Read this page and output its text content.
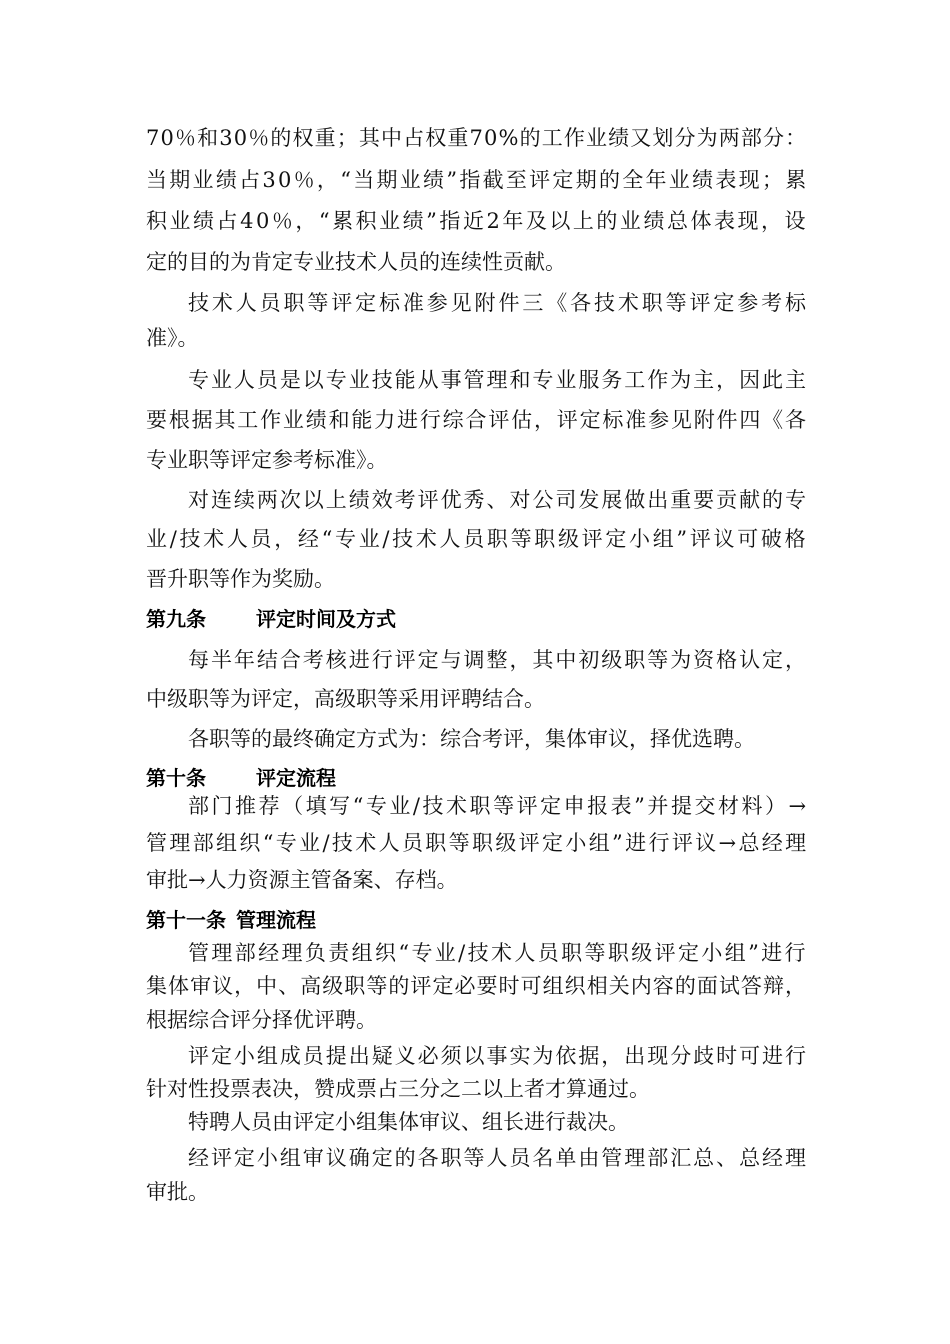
70％和30％的权重；其中占权重70%的工作业绩又划分为两部分：
当期业绩占30％，“当期业绩”指截至评定期的全年业绩表现；累
积业绩占40％，“累积业绩”指近2年及以上的业绩总体表现，设
定的目的为肯定专业技术人员的连续性贡献。
技术人员职等评定标准参见附件三《各技术职等评定参考标
准》。
专业人员是以专业技能从事管理和专业服务工作为主，因此主
要根据其工作业绩和能力进行综合评估，评定标准参见附件四《各
专业职等评定参考标准》。
对连续两次以上绩效考评优秀、对公司发展做出重要贡献的专
业/技术人员，经“专业/技术人员职等职级评定小组”评议可破格
晋升职等作为奖励。
第九条	评定时间及方式
每半年结合考核进行评定与调整，其中初级职等为资格认定，
中级职等为评定，高级职等采用评聘结合。
各职等的最终确定方式为：综合考评，集体审议，择优选聘。
第十条	评定流程
部门推荐（填写“专业/技术职等评定申报表”并提交材料）→
管理部组织“专业/技术人员职等职级评定小组”进行评议→总经理
审批→人力资源主管备案、存档。
第十一条 管理流程
管理部经理负责组织“专业/技术人员职等职级评定小组”进行
集体审议，中、高级职等的评定必要时可组织相关内容的面试答辩，
根据综合评分择优评聘。
评定小组成员提出疑义必须以事实为依据，出现分歧时可进行
针对性投票表决，赞成票占三分之二以上者才算通过。
特聘人员由评定小组集体审议、组长进行裁决。
经评定小组审议确定的各职等人员名单由管理部汇总、总经理
审批。
